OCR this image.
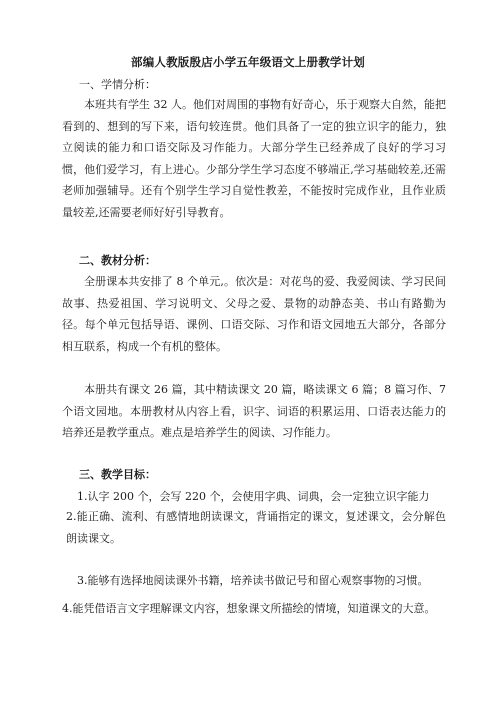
部编人教版殷店小学五年级语文上册教学计划
一、学情分析：

本班共有学生 32 人。他们对周围的事物有好奇心，乐于观察大自然，能把看到的、想到的写下来，语句较连贯。他们具备了一定的独立识字的能力，独立阅读的能力和口语交际及习作能力。大部分学生已经养成了良好的学习习惯，他们爱学习，有上进心。少部分学生学习态度不够端正,学习基础较差,还需老师加强辅导。还有个别学生学习自觉性教差，不能按时完成作业，且作业质量较差,还需要老师好好引导教育。

二、教材分析：

全册课本共安排了 8 个单元,。依次是：对花鸟的爱、我爱阅读、学习民间故事、热爱祖国、学习说明文、父母之爱、景物的动静态美、书山有路勤为径。每个单元包括导语、课例、口语交际、习作和语文园地五大部分，各部分相互联系，构成一个有机的整体。

本册共有课文 26 篇，其中精读课文 20 篇，略读课文 6 篇；8 篇习作、7 个语文园地。本册教材从内容上看，识字、词语的积累运用、口语表达能力的培养还是教学重点。难点是培养学生的阅读、习作能力。

三、教学目标：
1.认字 200 个，会写 220 个，会使用字典、词典，会一定独立识字能力

2.能正确、流利、有感情地朗读课文，背诵指定的课文，复述课文，会分解色朗读课文。

3.能够有选择地阅读课外书籍，培养读书做记号和留心观察事物的习惯。
4.能凭借语言文字理解课文内容，想象课文所描绘的情境，知道课文的大意。
